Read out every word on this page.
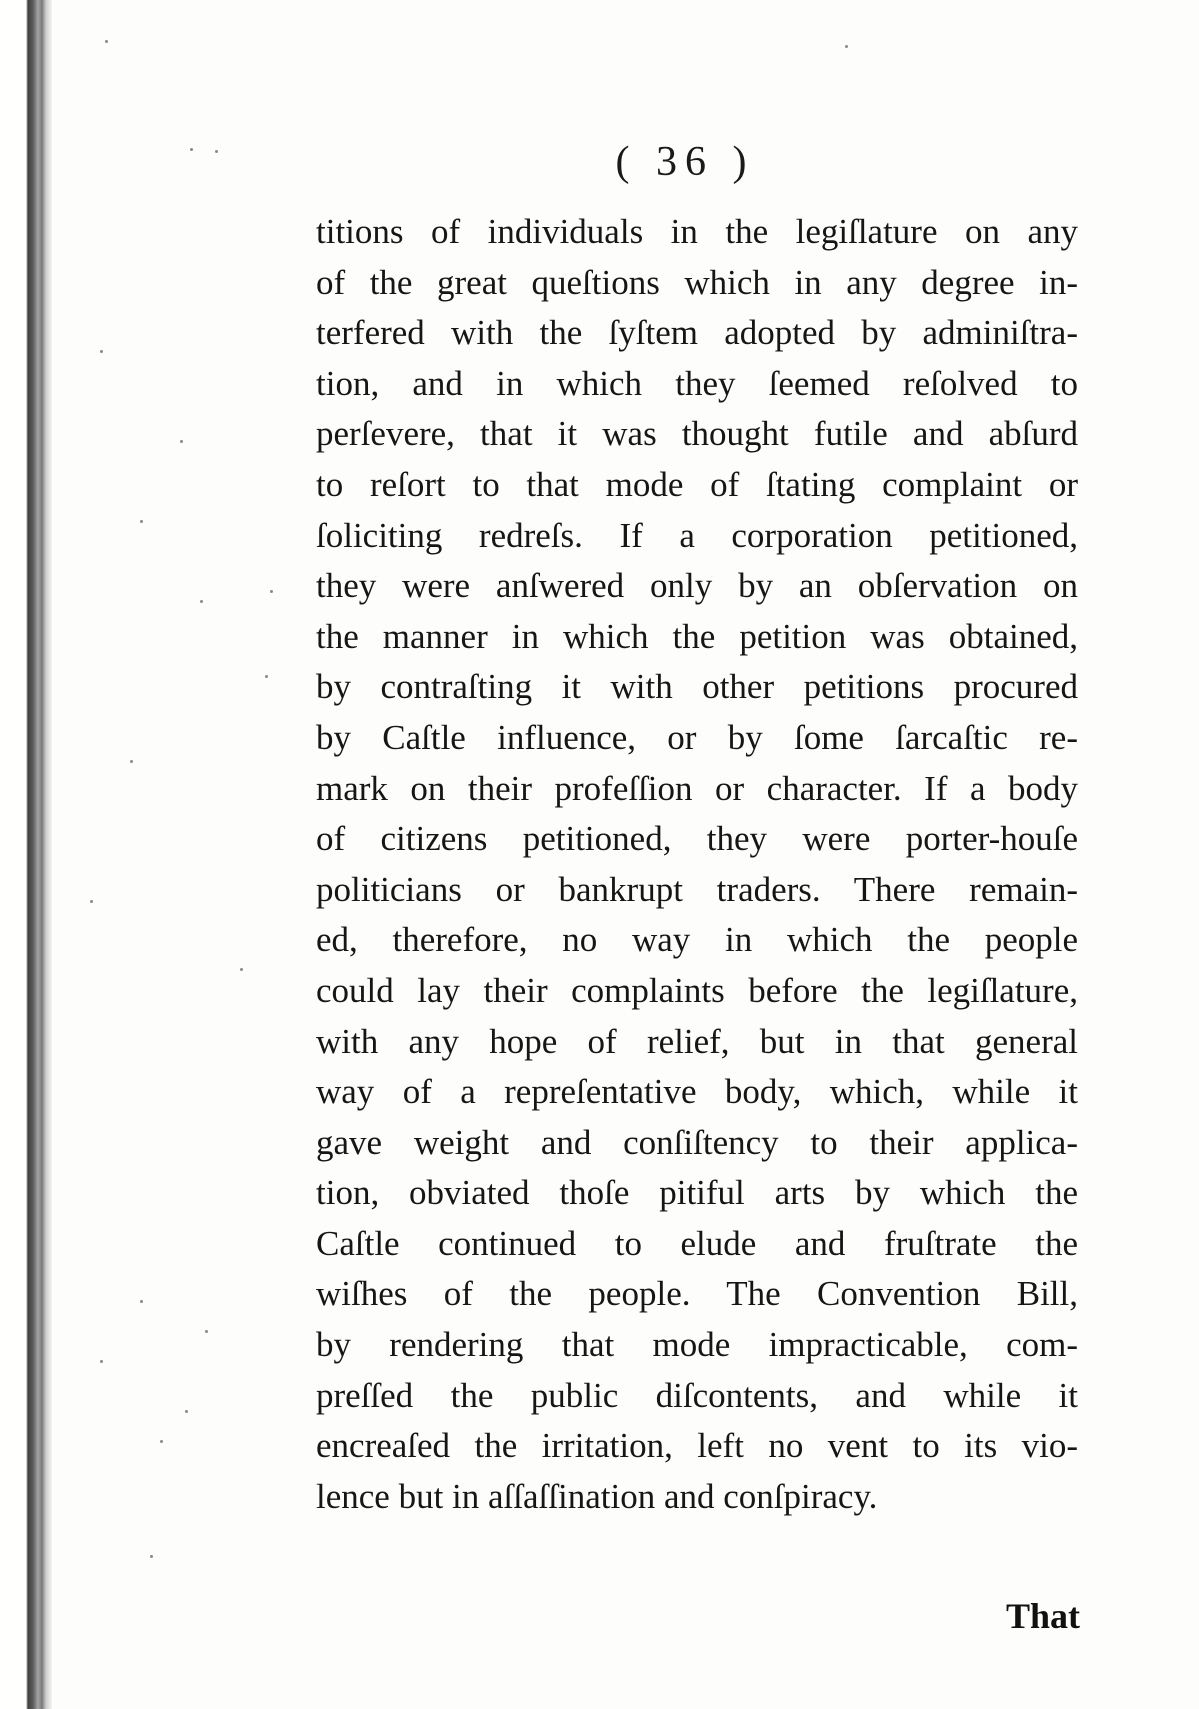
( 36 )
titions of individuals in the legiſlature on any
of the great queſtions which in any degree in-
terfered with the ſyſtem adopted by adminiſtra-
tion, and in which they ſeemed reſolved to
perſevere, that it was thought futile and abſurd
to reſort to that mode of ſtating complaint or
ſoliciting redreſs. If a corporation petitioned,
they were anſwered only by an obſervation on
the manner in which the petition was obtained,
by contraſting it with other petitions procured
by Caſtle influence, or by ſome ſarcaſtic re-
mark on their profeſſion or character. If a body
of citizens petitioned, they were porter-houſe
politicians or bankrupt traders. There remain-
ed, therefore, no way in which the people
could lay their complaints before the legiſlature,
with any hope of relief, but in that general
way of a repreſentative body, which, while it
gave weight and conſiſtency to their applica-
tion, obviated thoſe pitiful arts by which the
Caſtle continued to elude and fruſtrate the
wiſhes of the people. The Convention Bill,
by rendering that mode impracticable, com-
preſſed the public diſcontents, and while it
encreaſed the irritation, left no vent to its vio-
lence but in aſſaſſination and conſpiracy.
That
